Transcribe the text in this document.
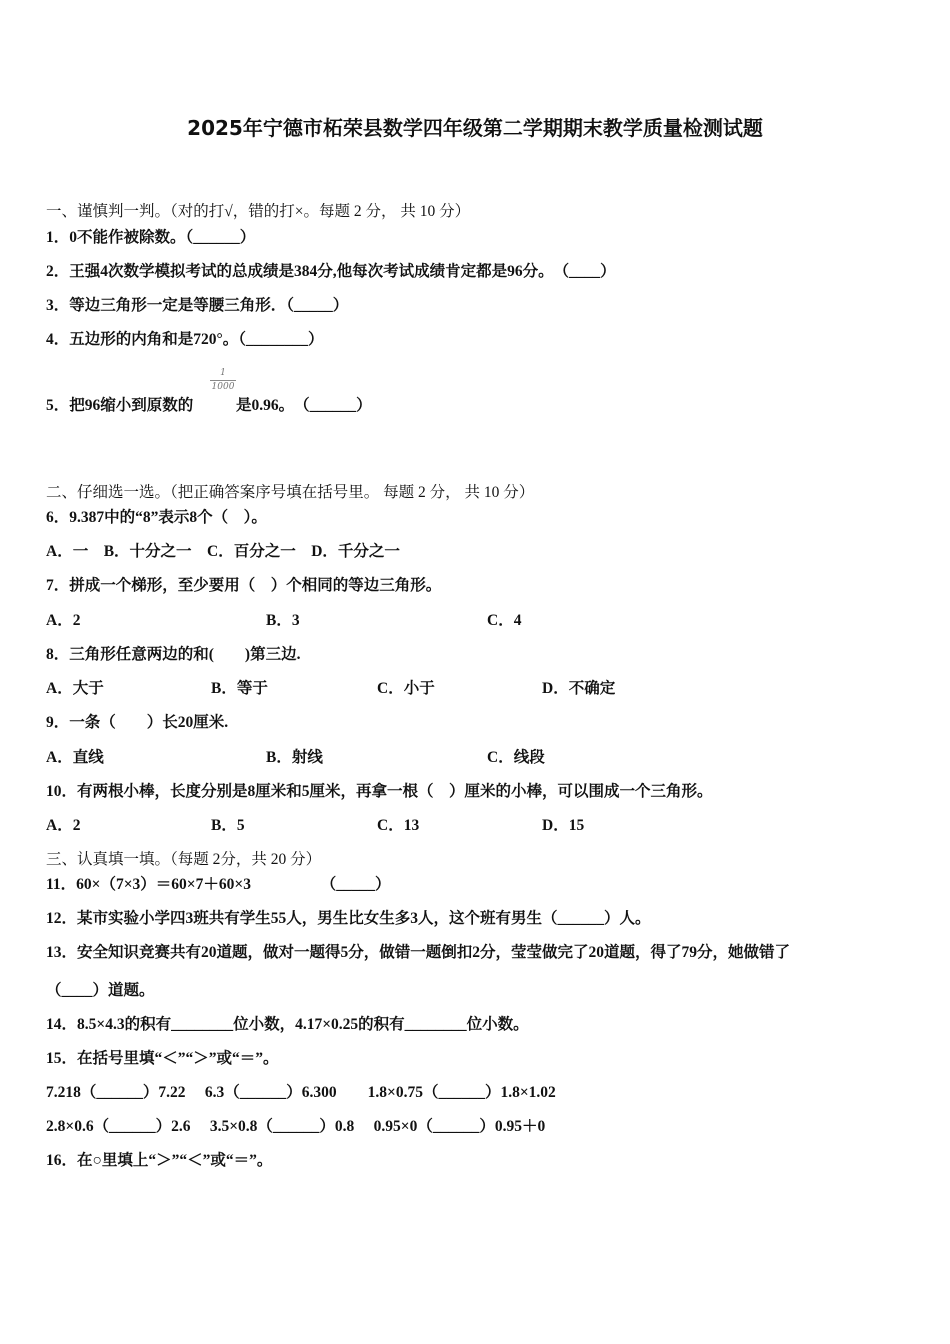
2025年宁德市柘荣县数学四年级第二学期期末教学质量检测试题
一、谨慎判一判。（对的打√，错的打×。每题 2 分， 共 10 分）
1．0不能作被除数。（______）
2．王强4次数学模拟考试的总成绩是384分,他每次考试成绩肯定都是96分。　（____）
3．等边三角形一定是等腰三角形．（_____）
4．五边形的内角和是720°。（________）
5．把96缩小到原数的
1
1000
是0.96。　（______）
二、仔细选一选。（把正确答案序号填在括号里。 每题 2 分， 共 10 分）
6．9.387中的“8”表示8个（　）。
A．一　B．十分之一　C．百分之一　D．千分之一
7．拼成一个梯形，至少要用（　）个相同的等边三角形。
A．2	B．3	C．4
8．三角形任意两边的和(　　)第三边.
A．大于	B．等于	C．小于	D．不确定
9．一条（　　）长20厘米.
A．直线	B．射线	C．线段
10．有两根小棒，长度分别是8厘米和5厘米，再拿一根（　）厘米的小棒，可以围成一个三角形。
A．2	B．5	C．13	D．15
三、认真填一填。（每题 2分，共 20 分）
11．60×（7×3）＝60×7＋60×3　　　　　（_____）
12．某市实验小学四3班共有学生55人，男生比女生多3人，这个班有男生（______）人。
13．安全知识竞赛共有20道题，做对一题得5分，做错一题倒扣2分，莹莹做完了20道题，得了79分，她做错了
（____）道题。
14．8.5×4.3的积有________位小数，4.17×0.25的积有________位小数。
15．在括号里填“＜”“＞”或“＝”。
7.218（______）7.22　 6.3（______）6.300　　1.8×0.75（______）1.8×1.02
2.8×0.6（______）2.6　 3.5×0.8（______）0.8　 0.95×0（______）0.95＋0
16．在○里填上“＞”“＜”或“＝”。
